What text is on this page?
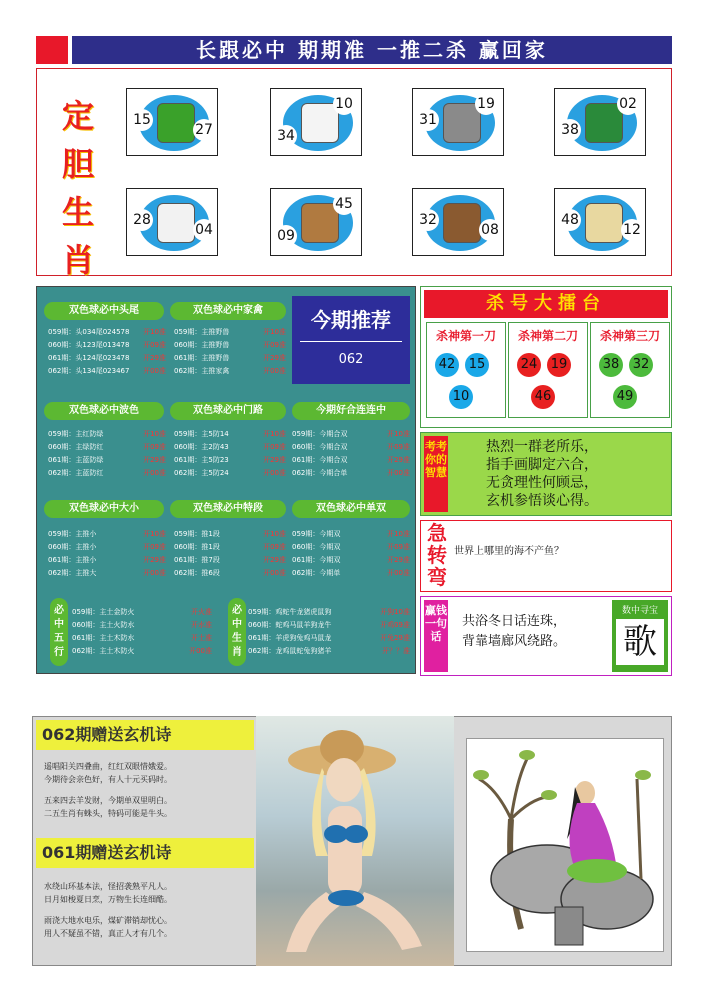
长跟必中 期期准 一推二杀 赢回家
定
胆
生
肖
15
27	34
10
31
19
38
02
28
04	09
45
32
08
48
12
双色球必中头尾
059期：头034尾024578 开10准
060期：头123尾013478 开09准
061期：头124尾023478 开29准
062期：头134尾023467 开00准
双色球必中家禽
059期：主推野兽	开10准
060期：主推野兽	开09准
061期：主推野兽	开29准
062期：主推家禽	开00准
今期推荐
062
双色球必中波色
059期：主红防绿	开10准
060期：主绿防红	开09准
061期：主蓝防绿	开29准
062期：主蓝防红	开00准
双色球必中门路
059期：主5防14	开10准
060期：主2防43	开09准
061期：主5防23	开29准
062期：主5防24	开00准
今期好合连连中
059期：今期合双	开10准
060期：今期合双	开09准
061期：今期合双	开29准
062期：今期合单	开00准
双色球必中大小
059期：主推小	开10准
060期：主推小	开09准
061期：主推小	开29准
062期：主推大	开00准
双色球必中特段
059期：推1段	开10准
060期：推1段	开09准
061期：推7段	开29准
062期：推6段	开00准
双色球必中单双
059期：今期双	开10准
060期：今期双	开09准
061期：今期双	开29准
062期：今期单	开00准
必中五行
059期：主土金防火	开火准
060期：主土火防水	开水准
061期：主土木防水	开土准
062期：主土木防火	开00准
必中生肖
059期：鸡蛇牛龙猪虎鼠狗	开狗10准
060期：蛇鸡马鼠羊狗龙牛	开鸡09准
061期：羊虎狗兔鸡马鼠龙	开兔29准
062期：龙鸡鼠蛇兔狗猪羊	开？？准
杀号大擂台
杀神第一刀
42 15
10
杀神第二刀
24 19
46
杀神第三刀
38 32
49
考考你的智慧
热烈一群老所乐，
指手画脚定六合，
无贪理性何顾忌，
玄机参悟谈心得。
急转弯
世界上哪里的海不产鱼？
赢钱一句话
共浴冬日话连珠，
背靠墙廊风绕路。
数中寻宝
歌
062期赠送玄机诗
遥唱阳关四叠曲，红红双眼惜娥爱。
今期待会亲色好，有人十元买码时。
五来四去羊发财，今期单双里明白。
二五生肖有蛛头，特码可能是牛头。
061期赠送玄机诗
水绕山环基本法，怪招袭熟平凡人。
日月如梭夏日烹，万物生长连细酷。
雨浇大地水电乐，煤矿滞销却忧心。
用人不疑虽不错，真正人才有几个。
